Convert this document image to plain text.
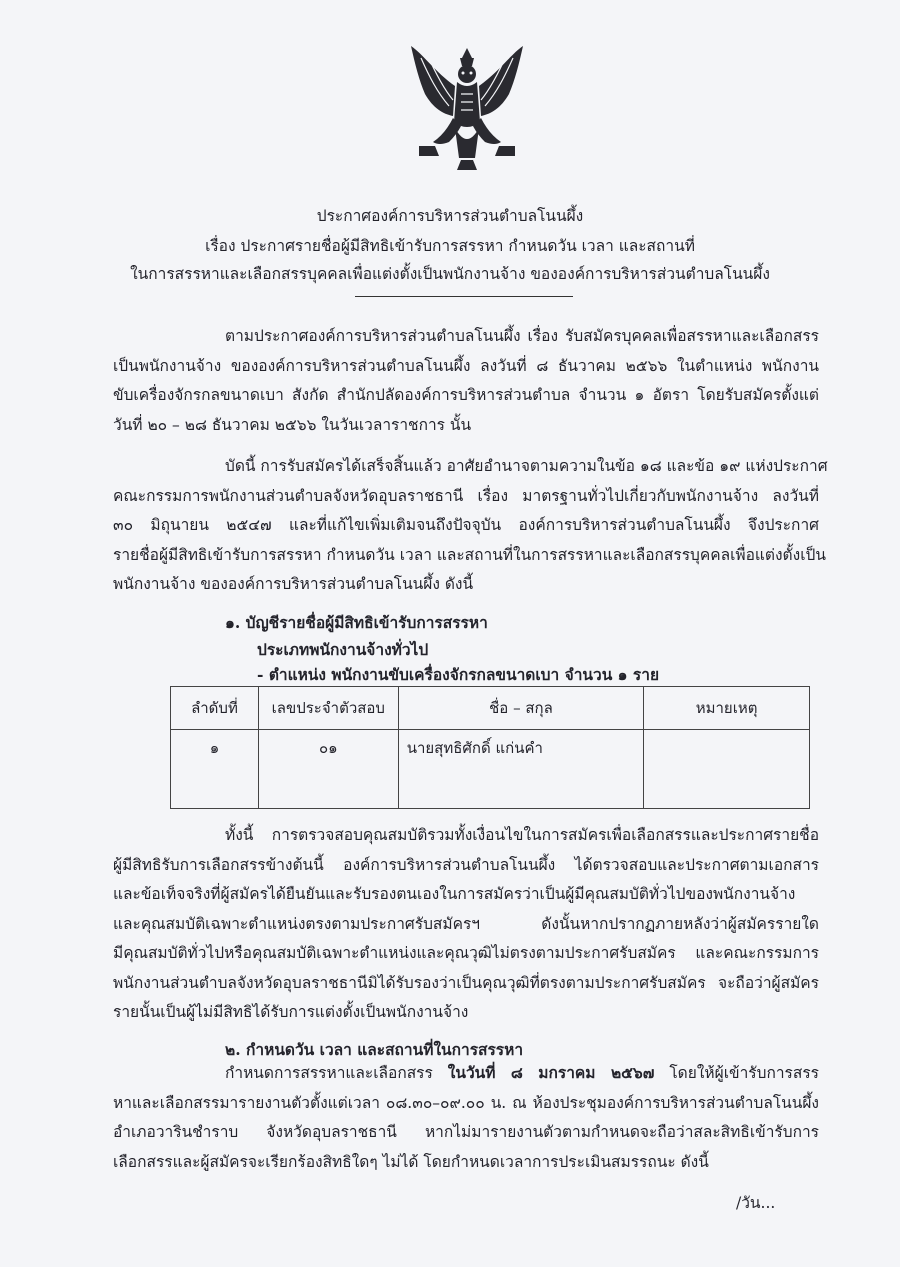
ประกาศองค์การบริหารส่วนตำบลโนนผึ้ง
เรื่อง ประกาศรายชื่อผู้มีสิทธิเข้ารับการสรรหา กำหนดวัน เวลา และสถานที่
ในการสรรหาและเลือกสรรบุคคลเพื่อแต่งตั้งเป็นพนักงานจ้าง ขององค์การบริหารส่วนตำบลโนนผึ้ง
ตามประกาศองค์การบริหารส่วนตำบลโนนผึ้ง เรื่อง รับสมัครบุคคลเพื่อสรรหาและเลือกสรร
เป็นพนักงานจ้าง ขององค์การบริหารส่วนตำบลโนนผึ้ง ลงวันที่ ๘ ธันวาคม ๒๕๖๖ ในตำแหน่ง พนักงาน
ขับเครื่องจักรกลขนาดเบา สังกัด สำนักปลัดองค์การบริหารส่วนตำบล จำนวน ๑ อัตรา โดยรับสมัครตั้งแต่
วันที่ ๒๐ – ๒๘ ธันวาคม ๒๕๖๖ ในวันเวลาราชการ นั้น
บัดนี้ การรับสมัครได้เสร็จสิ้นแล้ว อาศัยอำนาจตามความในข้อ ๑๘ และข้อ ๑๙ แห่งประกาศ
คณะกรรมการพนักงานส่วนตำบลจังหวัดอุบลราชธานี เรื่อง มาตรฐานทั่วไปเกี่ยวกับพนักงานจ้าง ลงวันที่
๓๐ มิถุนายน ๒๕๔๗ และที่แก้ไขเพิ่มเติมจนถึงปัจจุบัน องค์การบริหารส่วนตำบลโนนผึ้ง จึงประกาศ
รายชื่อผู้มีสิทธิเข้ารับการสรรหา กำหนดวัน เวลา และสถานที่ในการสรรหาและเลือกสรรบุคคลเพื่อแต่งตั้งเป็น
พนักงานจ้าง ขององค์การบริหารส่วนตำบลโนนผึ้ง ดังนี้
๑. บัญชีรายชื่อผู้มีสิทธิเข้ารับการสรรหา
ประเภทพนักงานจ้างทั่วไป
- ตำแหน่ง พนักงานขับเครื่องจักรกลขนาดเบา จำนวน ๑ ราย
ลำดับที่	เลขประจำตัวสอบ	ชื่อ – สกุล	หมายเหตุ
๑	๐๑	นายสุทธิศักดิ์ แก่นคำ	
ทั้งนี้ การตรวจสอบคุณสมบัติรวมทั้งเงื่อนไขในการสมัครเพื่อเลือกสรรและประกาศรายชื่อ
ผู้มีสิทธิรับการเลือกสรรข้างต้นนี้ องค์การบริหารส่วนตำบลโนนผึ้ง ได้ตรวจสอบและประกาศตามเอกสาร
และข้อเท็จจริงที่ผู้สมัครได้ยืนยันและรับรองตนเองในการสมัครว่าเป็นผู้มีคุณสมบัติทั่วไปของพนักงานจ้าง
และคุณสมบัติเฉพาะตำแหน่งตรงตามประกาศรับสมัครฯ ดังนั้นหากปรากฏภายหลังว่าผู้สมัครรายใด
มีคุณสมบัติทั่วไปหรือคุณสมบัติเฉพาะตำแหน่งและคุณวุฒิไม่ตรงตามประกาศรับสมัคร และคณะกรรมการ
พนักงานส่วนตำบลจังหวัดอุบลราชธานีมิได้รับรองว่าเป็นคุณวุฒิที่ตรงตามประกาศรับสมัคร จะถือว่าผู้สมัคร
รายนั้นเป็นผู้ไม่มีสิทธิได้รับการแต่งตั้งเป็นพนักงานจ้าง
๒. กำหนดวัน เวลา และสถานที่ในการสรรหา
กำหนดการสรรหาและเลือกสรร ในวันที่ ๘ มกราคม ๒๕๖๗ โดยให้ผู้เข้ารับการสรร
หาและเลือกสรรมารายงานตัวตั้งแต่เวลา ๐๘.๓๐–๐๙.๐๐ น. ณ ห้องประชุมองค์การบริหารส่วนตำบลโนนผึ้ง
อำเภอวารินชำราบ จังหวัดอุบลราชธานี หากไม่มารายงานตัวตามกำหนดจะถือว่าสละสิทธิเข้ารับการ
เลือกสรรและผู้สมัครจะเรียกร้องสิทธิใดๆ ไม่ได้ โดยกำหนดเวลาการประเมินสมรรถนะ ดังนี้
/วัน...
